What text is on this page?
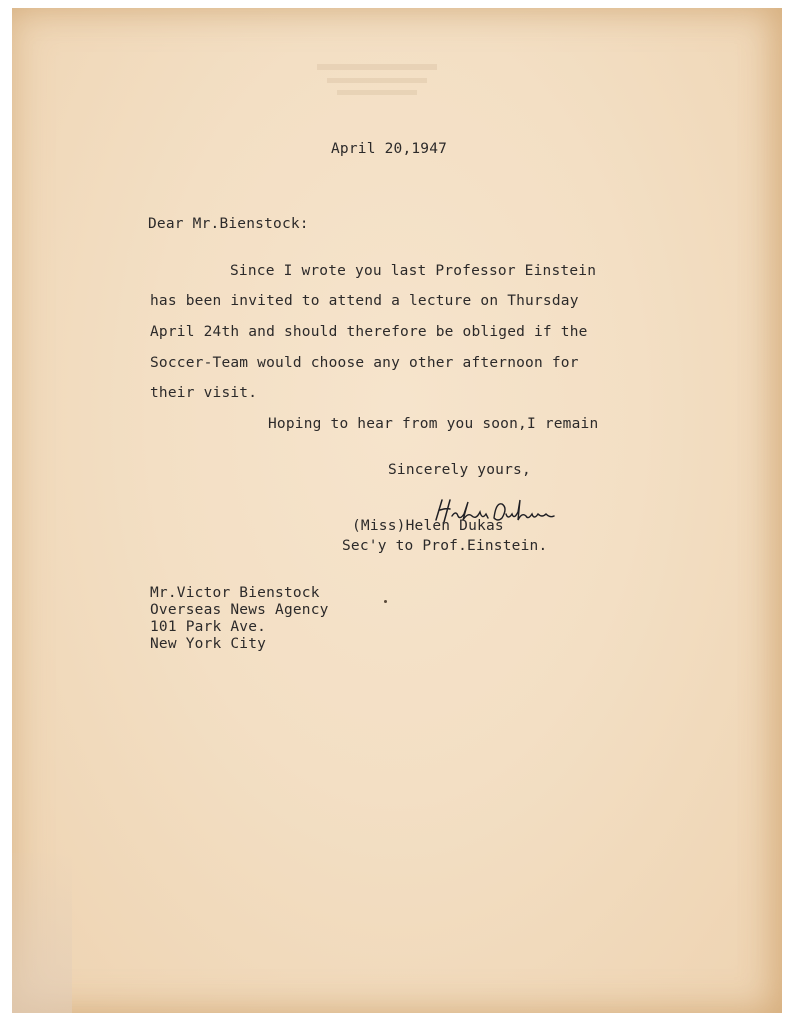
April 20,1947
Dear Mr.Bienstock:
Since I wrote you last Professor Einstein
has been invited to attend a lecture on Thursday
April 24th and should therefore be obliged if the
Soccer-Team would choose any other afternoon for
their visit.
Hoping to hear from you soon,I remain
Sincerely yours,
(Miss)Helen Dukas
Sec'y to Prof.Einstein.
Mr.Victor Bienstock
Overseas News Agency
101 Park Ave.
New York City
